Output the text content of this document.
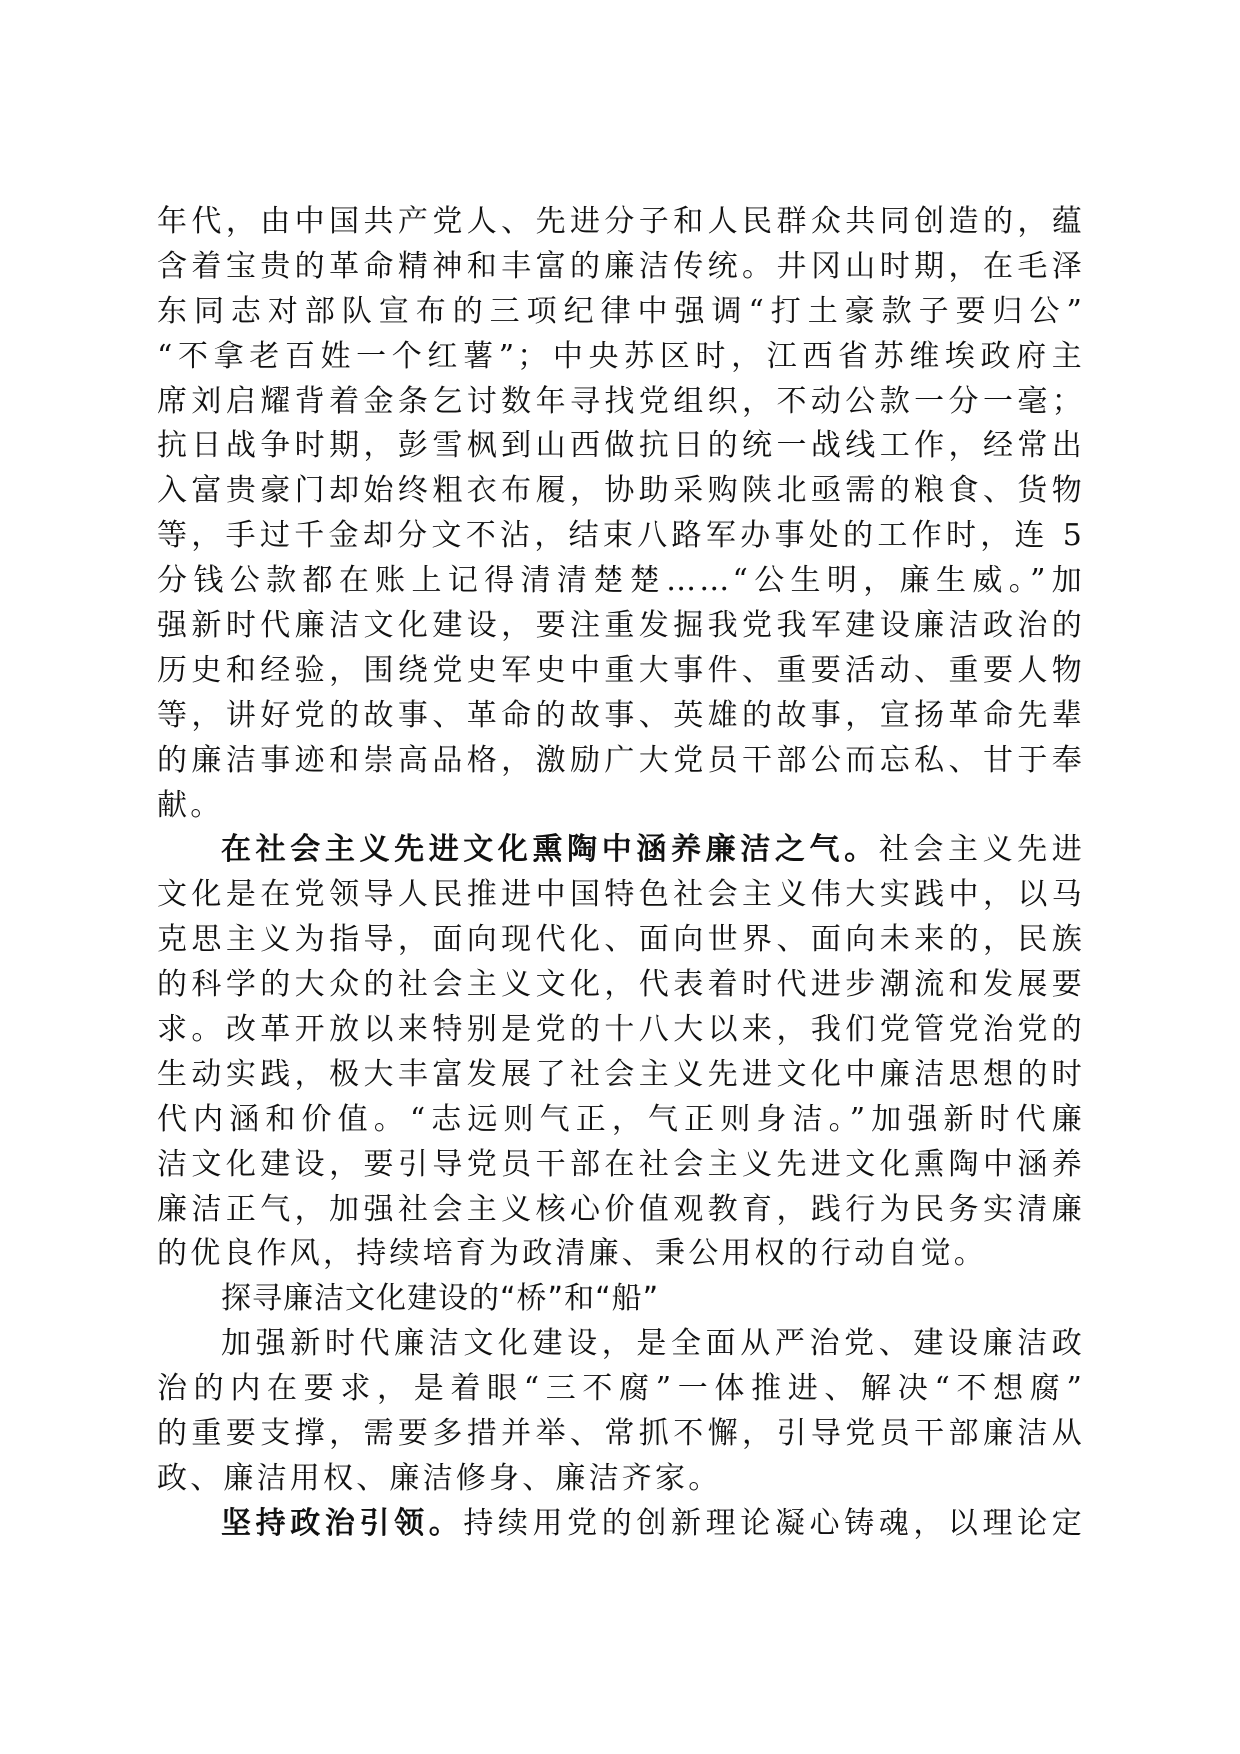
年代，由中国共产党人、先进分子和人民群众共同创造的，蕴
含着宝贵的革命精神和丰富的廉洁传统。井冈山时期，在毛泽
东同志对部队宣布的三项纪律中强调“打土豪款子要归公”
“不拿老百姓一个红薯”；中央苏区时，江西省苏维埃政府主
席刘启耀背着金条乞讨数年寻找党组织，不动公款一分一毫；
抗日战争时期，彭雪枫到山西做抗日的统一战线工作，经常出
入富贵豪门却始终粗衣布履，协助采购陕北亟需的粮食、货物
等，手过千金却分文不沾，结束八路军办事处的工作时，连 5
分钱公款都在账上记得清清楚楚……“公生明，廉生威。”加
强新时代廉洁文化建设，要注重发掘我党我军建设廉洁政治的
历史和经验，围绕党史军史中重大事件、重要活动、重要人物
等，讲好党的故事、革命的故事、英雄的故事，宣扬革命先辈
的廉洁事迹和崇高品格，激励广大党员干部公而忘私、甘于奉
献。
在社会主义先进文化熏陶中涵养廉洁之气。社会主义先进
文化是在党领导人民推进中国特色社会主义伟大实践中，以马
克思主义为指导，面向现代化、面向世界、面向未来的，民族
的科学的大众的社会主义文化，代表着时代进步潮流和发展要
求。改革开放以来特别是党的十八大以来，我们党管党治党的
生动实践，极大丰富发展了社会主义先进文化中廉洁思想的时
代内涵和价值。“志远则气正，气正则身洁。”加强新时代廉
洁文化建设，要引导党员干部在社会主义先进文化熏陶中涵养
廉洁正气，加强社会主义核心价值观教育，践行为民务实清廉
的优良作风，持续培育为政清廉、秉公用权的行动自觉。
探寻廉洁文化建设的“桥”和“船”
加强新时代廉洁文化建设，是全面从严治党、建设廉洁政
治的内在要求，是着眼“三不腐”一体推进、解决“不想腐”
的重要支撑，需要多措并举、常抓不懈，引导党员干部廉洁从
政、廉洁用权、廉洁修身、廉洁齐家。
坚持政治引领。持续用党的创新理论凝心铸魂，以理论定
